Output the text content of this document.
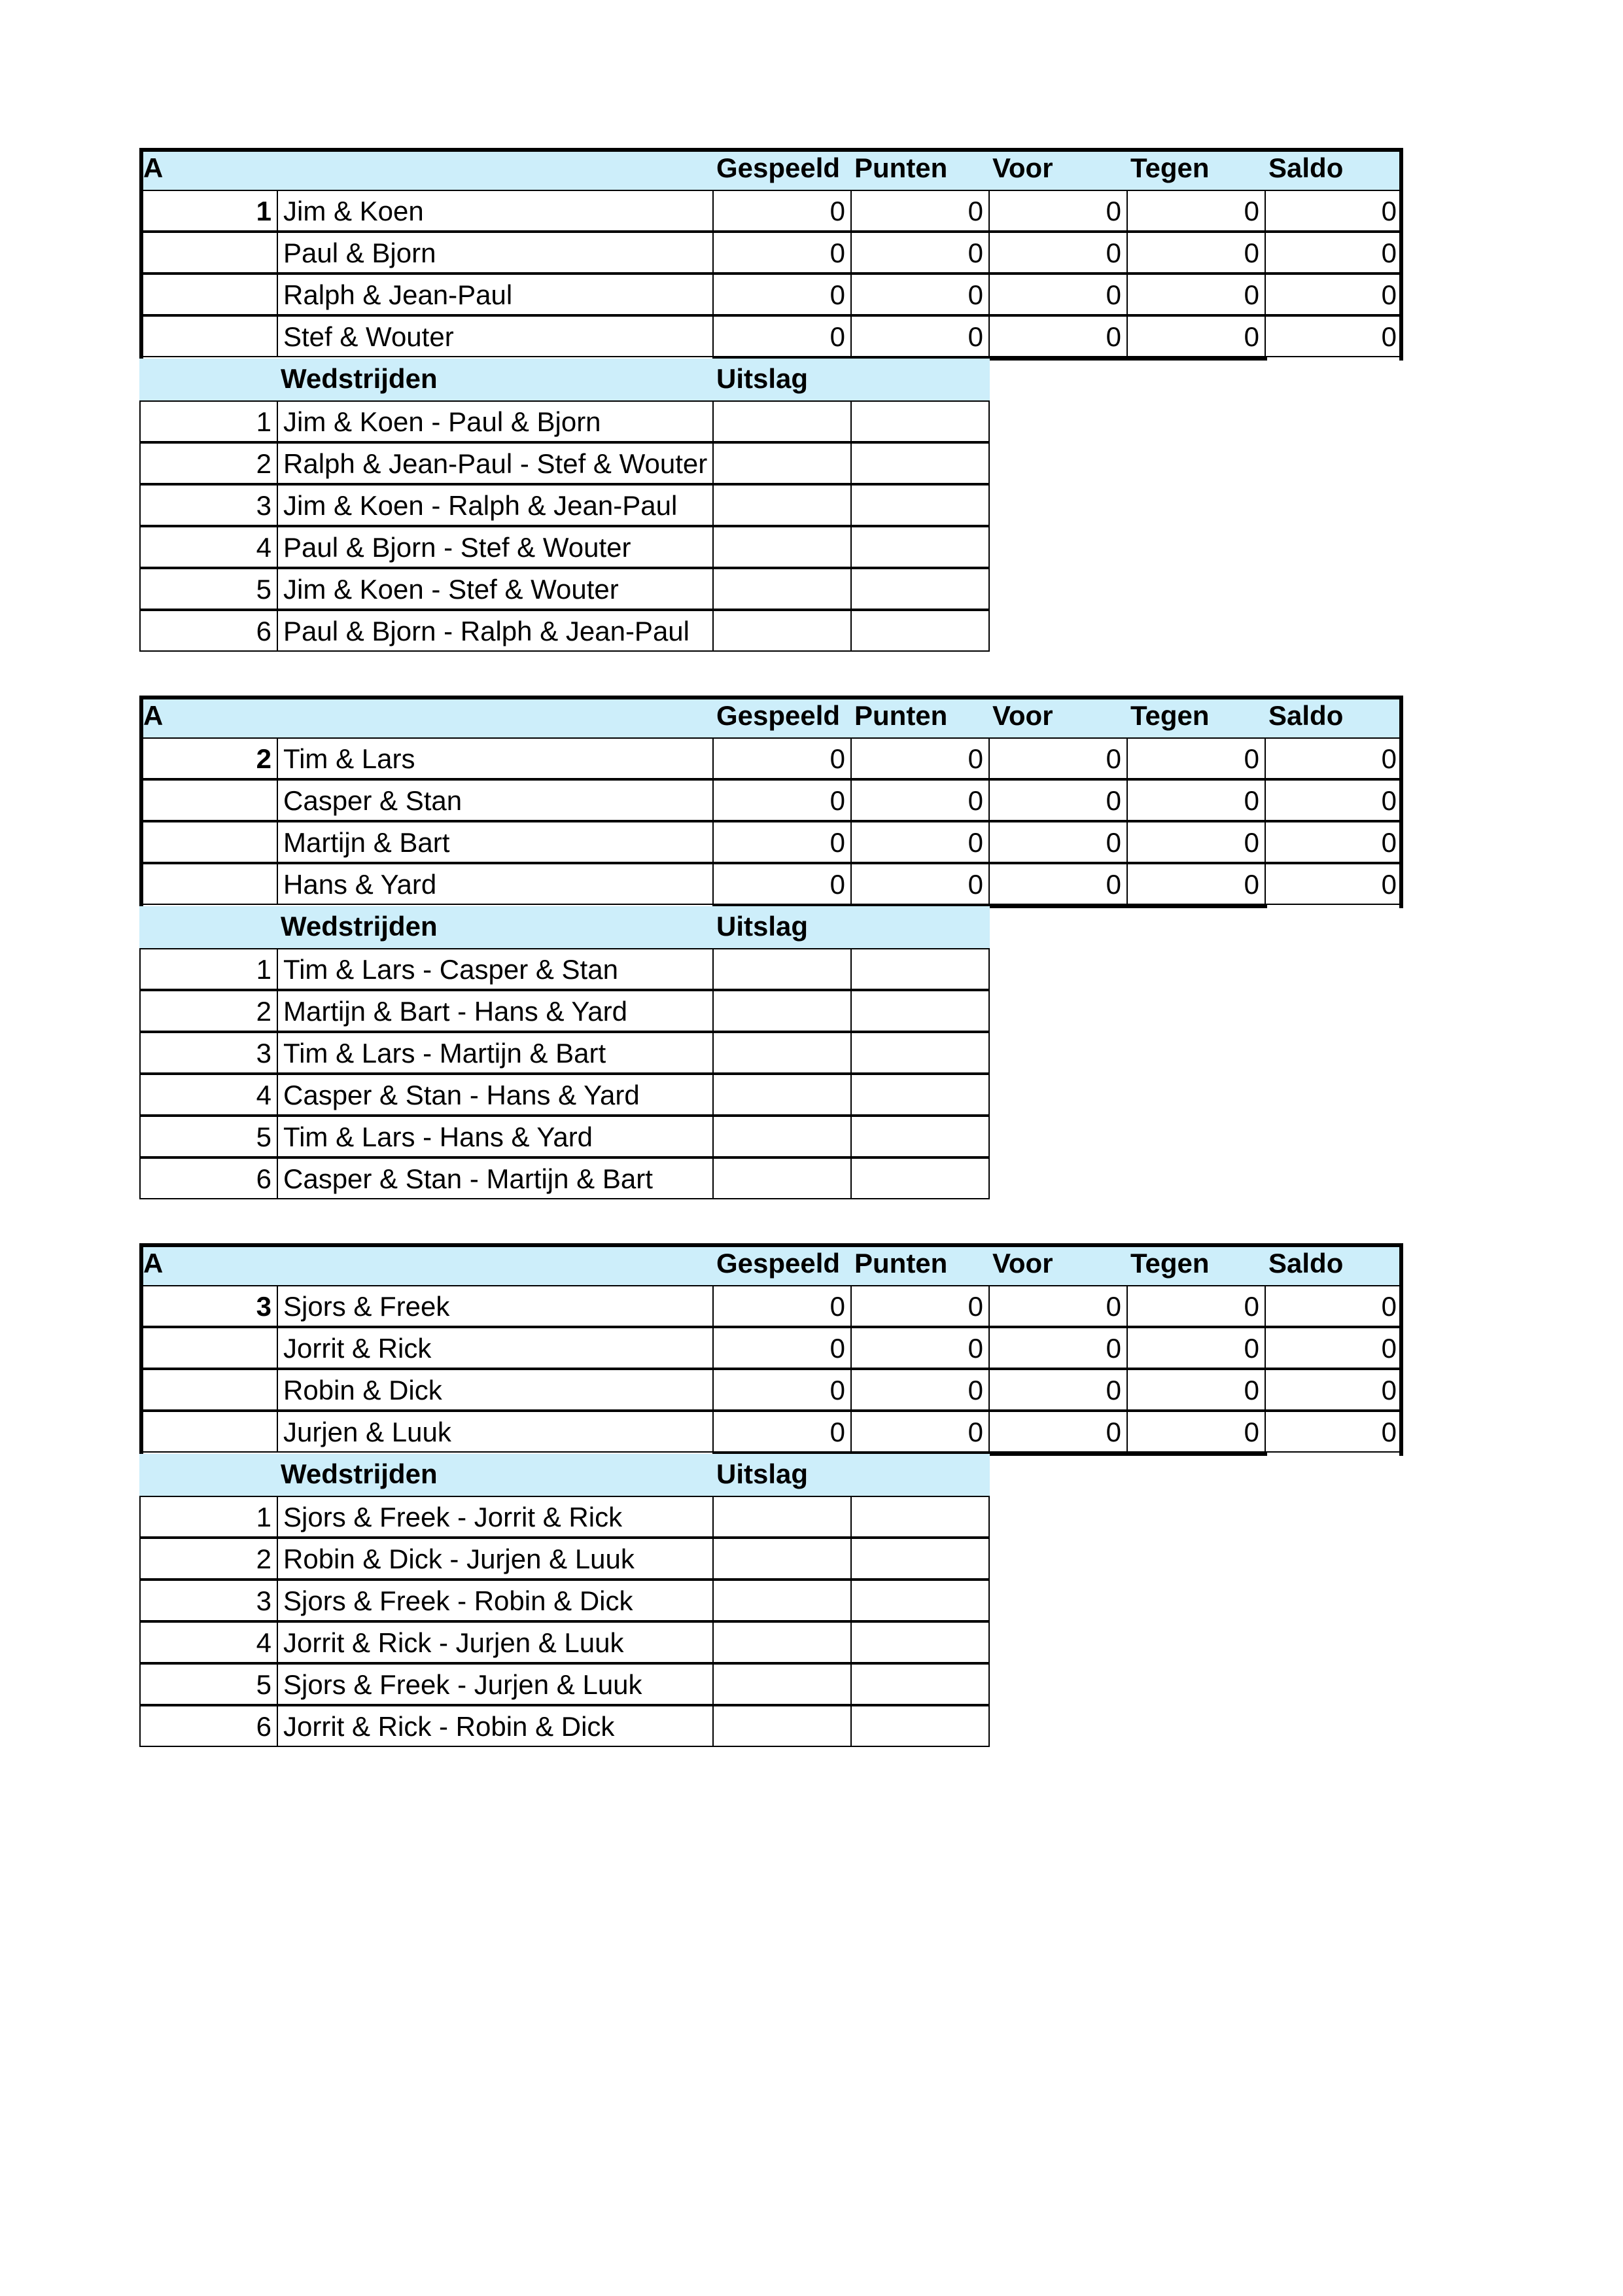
A	Gespeeld Punten	Voor	Tegen	Saldo
1 Jim & Koen	0	0	0	0	0
Paul & Bjorn	0	0	0	0	0
Ralph & Jean-Paul	0	0	0	0	0
Stef & Wouter	0	0	0	0	0
Wedstrijden	Uitslag
1 Jim & Koen - Paul & Bjorn
2 Ralph & Jean-Paul - Stef & Wouter
3 Jim & Koen - Ralph & Jean-Paul
4 Paul & Bjorn - Stef & Wouter
5 Jim & Koen - Stef & Wouter
6 Paul & Bjorn - Ralph & Jean-Paul
A	Gespeeld Punten	Voor	Tegen	Saldo
2 Tim & Lars	0	0	0	0	0
Casper & Stan	0	0	0	0	0
Martijn & Bart	0	0	0	0	0
Hans & Yard	0	0	0	0	0
Wedstrijden	Uitslag
1 Tim & Lars - Casper & Stan
2 Martijn & Bart - Hans & Yard
3 Tim & Lars - Martijn & Bart
4 Casper & Stan - Hans & Yard
5 Tim & Lars - Hans & Yard
6 Casper & Stan - Martijn & Bart
A	Gespeeld Punten	Voor	Tegen	Saldo
3 Sjors & Freek	0	0	0	0	0
Jorrit & Rick	0	0	0	0	0
Robin & Dick	0	0	0	0	0
Jurjen & Luuk	0	0	0	0	0
Wedstrijden	Uitslag
1 Sjors & Freek - Jorrit & Rick
2 Robin & Dick - Jurjen & Luuk
3 Sjors & Freek - Robin & Dick
4 Jorrit & Rick - Jurjen & Luuk
5 Sjors & Freek - Jurjen & Luuk
6 Jorrit & Rick - Robin & Dick
